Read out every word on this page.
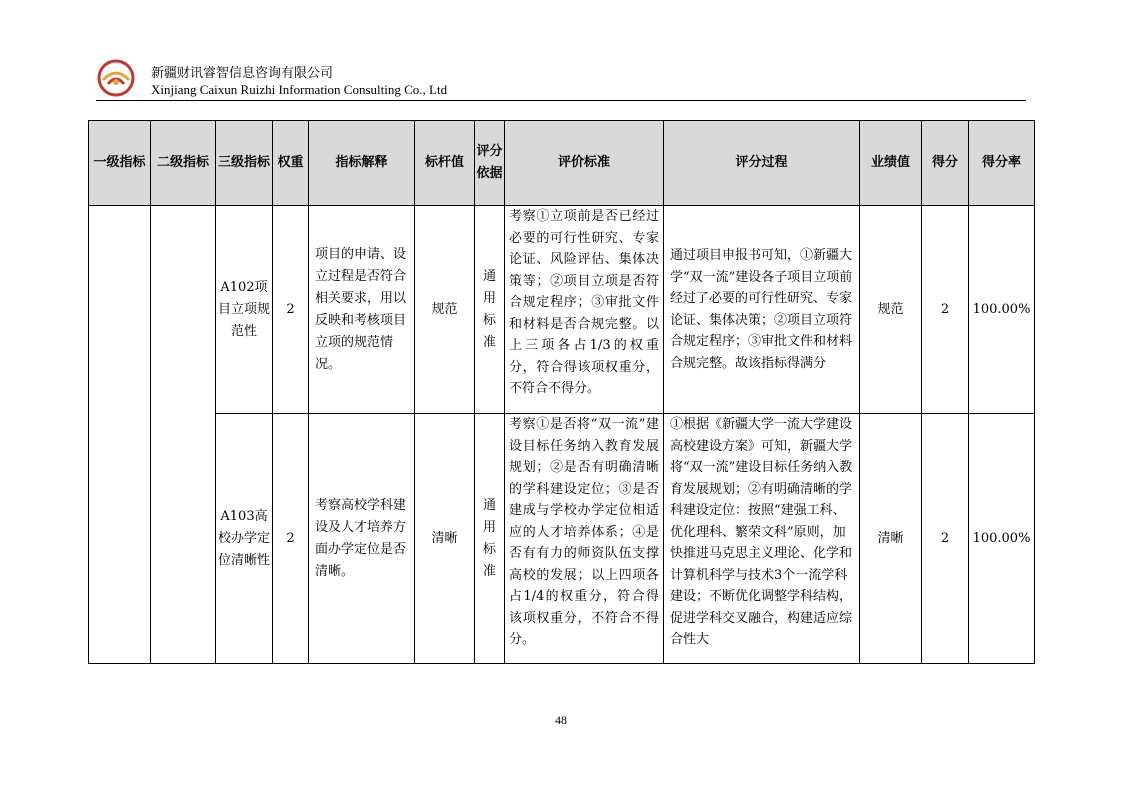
新疆财讯睿智信息咨询有限公司
Xinjiang Caixun Ruizhi Information Consulting Co., Ltd
一级指标	二级指标	三级指标	权重	指标解释	标杆值	评分依据	评价标准	评分过程	业绩值	得分	得分率
		A102项目立项规范性	2	项目的申请、设立过程是否符合相关要求，用以反映和考核项目立项的规范情况。	规范	通用标准	考察①立项前是否已经过必要的可行性研究、专家论证、风险评估、集体决策等；②项目立项是否符合规定程序；③审批文件和材料是否合规完整。以上三项各占1/3的权重分，符合得该项权重分，不符合不得分。	通过项目申报书可知，①新疆大学“双一流”建设各子项目立项前经过了必要的可行性研究、专家论证、集体决策；②项目立项符合规定程序；③审批文件和材料合规完整。故该指标得满分	规范	2	100.00%
		A103高校办学定位清晰性	2	考察高校学科建设及人才培养方面办学定位是否清晰。	清晰	通用标准	考察①是否将“双一流”建设目标任务纳入教育发展规划；②是否有明确清晰的学科建设定位；③是否建成与学校办学定位相适应的人才培养体系；④是否有有力的师资队伍支撑高校的发展；以上四项各占1/4的权重分，符合得该项权重分，不符合不得分。	①根据《新疆大学一流大学建设高校建设方案》可知，新疆大学将“双一流”建设目标任务纳入教育发展规划；②有明确清晰的学科建设定位：按照“建强工科、优化理科、繁荣文科”原则，加快推进马克思主义理论、化学和计算机科学与技术3个一流学科建设；不断优化调整学科结构，促进学科交叉融合，构建适应综合性大	清晰	2	100.00%
48
